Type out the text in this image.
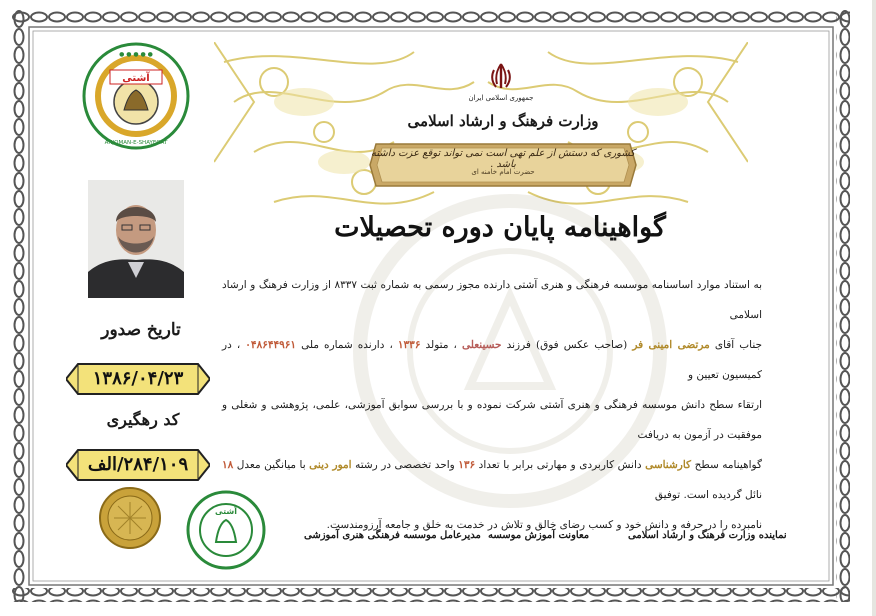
جمهوری اسلامی ایران
وزارت فرهنگ و ارشاد اسلامی
کشوری که دستش از علم تهی است نمی تواند توقع عزت داشته باشد .
حضرت امام خامنه ای
گواهینامه پایان دوره تحصیلات
آشتی
● ● ● ● ●
ANJOMAN-E-SHAYEGAT
تاریخ صدور
۱۳۸۶/۰۴/۲۳
کد رهگیری
۲۸۴/۱۰۹/الف
آشتی

به استناد موارد اساسنامه موسسه فرهنگی و هنری آشتی دارنده مجوز رسمی به شماره ثبت ۸۳۳۷ از وزارت فرهنگ و ارشاد اسلامی

جناب آقای مرتضی امینی فر (صاحب عکس فوق) فرزند حسینعلی ، متولد ۱۳۳۶ ، دارنده شماره ملی ۰۴۸۶۴۴۹۶۱ ، در کمیسیون تعیین و

ارتقاء سطح دانش موسسه فرهنگی و هنری آشتی شرکت نموده و با بررسی سوابق آموزشی، علمی، پژوهشی و شغلی و موفقیت در آزمون به دریافت

گواهینامه سطح کارشناسی دانش کاربردی و مهارتی برابر با تعداد ۱۳۶ واحد تخصصی در رشته امور دینی با میانگین معدل ۱۸ نائل گردیده است. توفیق

نامبرده را در حرفه و دانش خود و کسب رضای خالق و تلاش در خدمت به خلق و جامعه آرزومندست.

نماینده وزارت فرهنگ و ارشاد اسلامی
معاونت آموزش موسسه
مدیرعامل موسسه فرهنگی هنری آموزشی
